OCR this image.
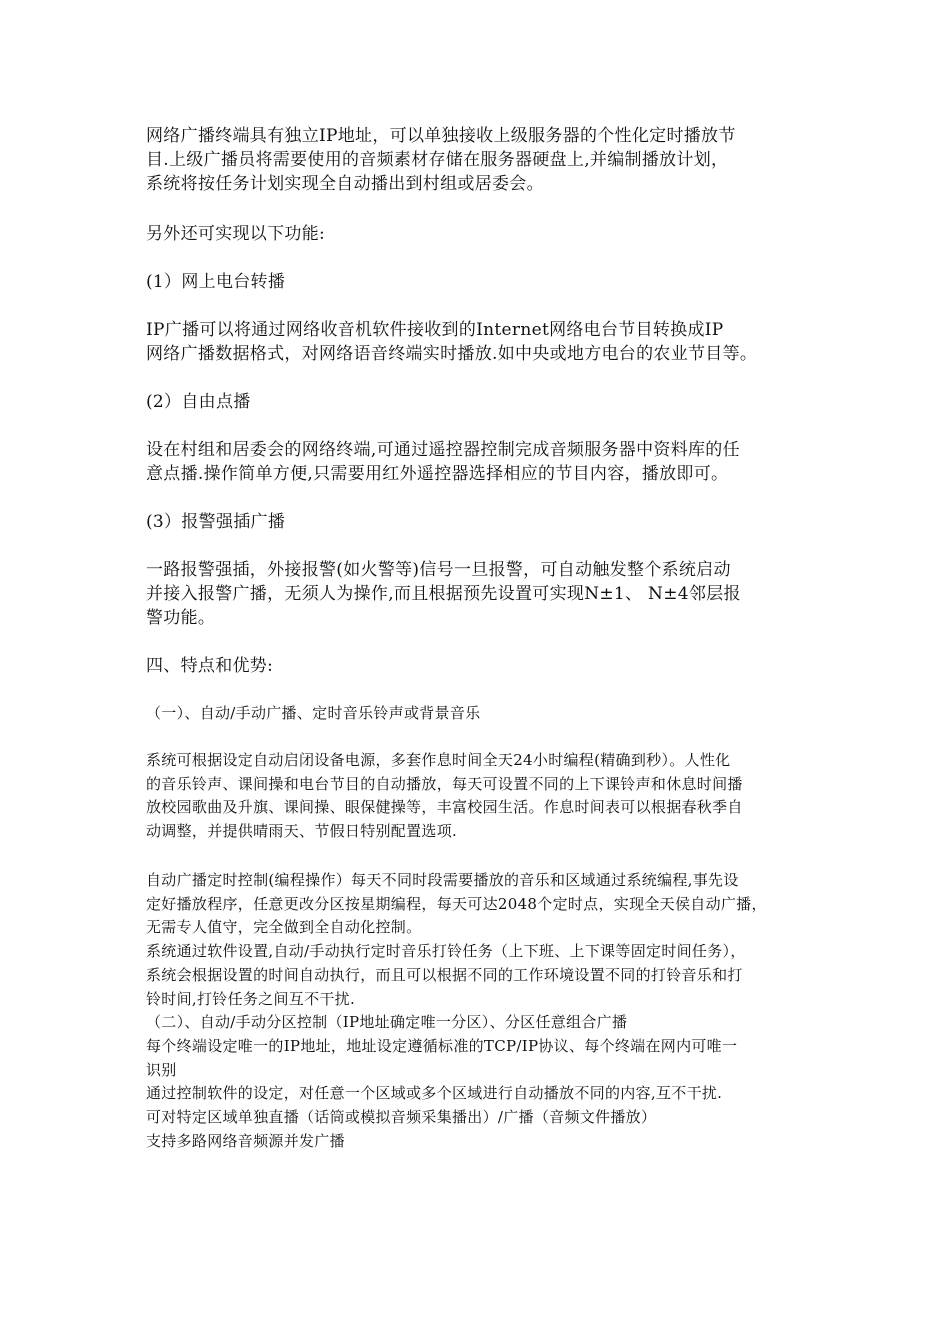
网络广播终端具有独立IP地址，可以单独接收上级服务器的个性化定时播放节
目.上级广播员将需要使用的音频素材存储在服务器硬盘上,并编制播放计划，
系统将按任务计划实现全自动播出到村组或居委会。

另外还可实现以下功能:

(1）网上电台转播

IP广播可以将通过网络收音机软件接收到的Internet网络电台节目转换成IP
网络广播数据格式，对网络语音终端实时播放.如中央或地方电台的农业节目等。

(2）自由点播

设在村组和居委会的网络终端,可通过遥控器控制完成音频服务器中资料库的任
意点播.操作简单方便,只需要用红外遥控器选择相应的节目内容，播放即可。

(3）报警强插广播

一路报警强插，外接报警(如火警等)信号一旦报警，可自动触发整个系统启动
并接入报警广播，无须人为操作,而且根据预先设置可实现N±1、 N±4邻层报
警功能。

四、特点和优势:

（一）、自动/手动广播、定时音乐铃声或背景音乐

系统可根据设定自动启闭设备电源，多套作息时间全天24小时编程(精确到秒）。人性化
的音乐铃声、课间操和电台节目的自动播放，每天可设置不同的上下课铃声和休息时间播
放校园歌曲及升旗、课间操、眼保健操等，丰富校园生活。作息时间表可以根据春秋季自
动调整，并提供晴雨天、节假日特别配置选项.

自动广播定时控制(编程操作）每天不同时段需要播放的音乐和区域通过系统编程,事先设
定好播放程序，任意更改分区按星期编程，每天可达2048个定时点，实现全天侯自动广播，
无需专人值守，完全做到全自动化控制。
系统通过软件设置,自动/手动执行定时音乐打铃任务（上下班、上下课等固定时间任务），
系统会根据设置的时间自动执行，而且可以根据不同的工作环境设置不同的打铃音乐和打
铃时间,打铃任务之间互不干扰.
（二）、自动/手动分区控制（IP地址确定唯一分区）、分区任意组合广播
每个终端设定唯一的IP地址，地址设定遵循标准的TCP/IP协议、每个终端在网内可唯一
识别
通过控制软件的设定，对任意一个区域或多个区域进行自动播放不同的内容,互不干扰.
可对特定区域单独直播（话筒或模拟音频采集播出）/广播（音频文件播放）
支持多路网络音频源并发广播
